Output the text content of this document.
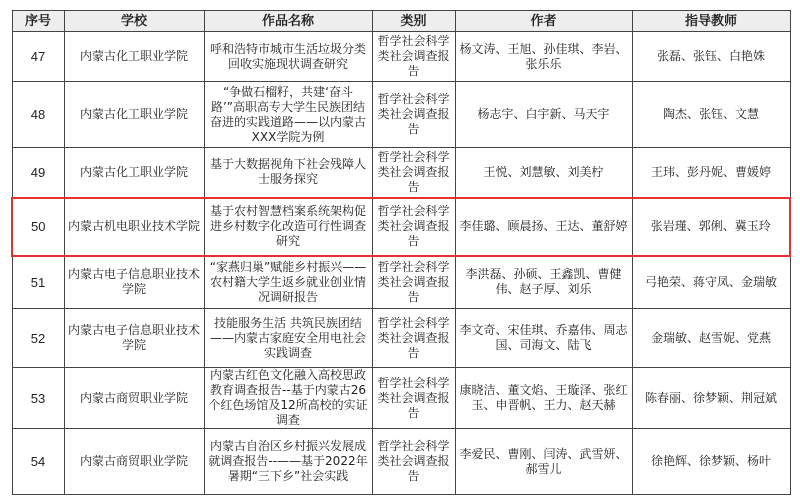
序号	学校	作品名称	类别	作者	指导教师
47	内蒙古化工职业学院	呼和浩特市城市生活垃圾分类回收实施现状调查研究	哲学社会科学类社会调查报告	杨文涛、王旭、孙佳琪、李岩、张乐乐	张磊、张钰、白艳姝
48	内蒙古化工职业学院	“争做石榴籽，共建‘奋斗路’”高职高专大学生民族团结奋进的实践道路——以内蒙古XXX学院为例	哲学社会科学类社会调查报告	杨志宇、白宇新、马天宇	陶杰、张钰、文慧
49	内蒙古化工职业学院	基于大数据视角下社会残障人士服务探究	哲学社会科学类社会调查报告	王悦、刘慧敏、刘美柠	王玮、彭丹妮、曹媛婷
50	内蒙古机电职业技术学院	基于农村智慧档案系统架构促进乡村数字化改造可行性调查研究	哲学社会科学类社会调查报告	李佳璐、顾晨扬、王达、董舒婷	张岩瑾、郭俐、冀玉玲
51	内蒙古电子信息职业技术学院	“家燕归巢”赋能乡村振兴——农村籍大学生返乡就业创业情况调研报告	哲学社会科学类社会调查报告	李洪磊、孙硕、王鑫凯、曹健伟、赵子厚、刘乐	弓艳荣、蒋守凤、金瑞敏
52	内蒙古电子信息职业技术学院	技能服务生活 共筑民族团结——内蒙古家庭安全用电社会实践调查	哲学社会科学类社会调查报告	李文奇、宋佳琪、乔嘉伟、周志国、司海文、陆飞	金瑞敏、赵雪妮、党燕
53	内蒙古商贸职业学院	内蒙古红色文化融入高校思政教育调查报告--基于内蒙古26个红色场馆及12所高校的实证调查	哲学社会科学类社会调查报告	康晓洁、董文焰、王璇泽、张红玉、申晋帆、王力、赵天赫	陈春丽、徐梦颖、荆冠斌
54	内蒙古商贸职业学院	内蒙古自治区乡村振兴发展成就调查报告--——基于2022年暑期“三下乡”社会实践	哲学社会科学类社会调查报告	李爱民、曹刚、闫涛、武雪妍、郝雪儿	徐艳辉、徐梦颖、杨叶
